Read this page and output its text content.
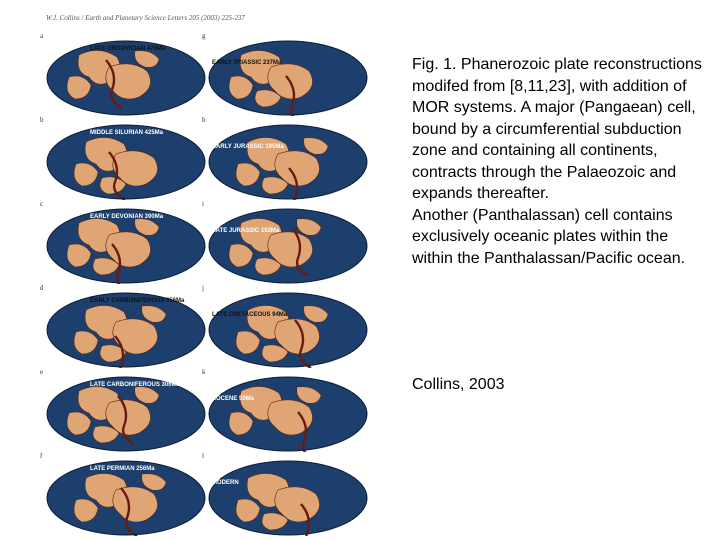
W.J. Collins / Earth and Planetary Science Letters 205 (2003) 225-237
a
LATE ORDOVICIAN 470Ma
b
MIDDLE SILURIAN 425Ma
c
EARLY DEVONIAN 390Ma
d
EARLY CARBONIFEROUS 356Ma
e
LATE CARBONIFEROUS 306Ma
f
LATE PERMIAN 256Ma
g
EARLY TRIASSIC 237Ma
h
EARLY JURASSIC 195Ma
i
LATE JURASSIC 152Ma
j
LATE CRETACEOUS 94Ma
k
EOCENE 50Ma
l
MODERN

Fig. 1. Phanerozoic plate reconstructions modifed from [8,11,23], with addition of MOR systems. A major (Pangaean) cell,
bound by a circumferential subduction zone and containing all continents, contracts through the Palaeozoic and expands thereafter.
Another (Panthalassan) cell contains exclusively oceanic plates within the within the Panthalassan/Pacific ocean.

Collins, 2003
